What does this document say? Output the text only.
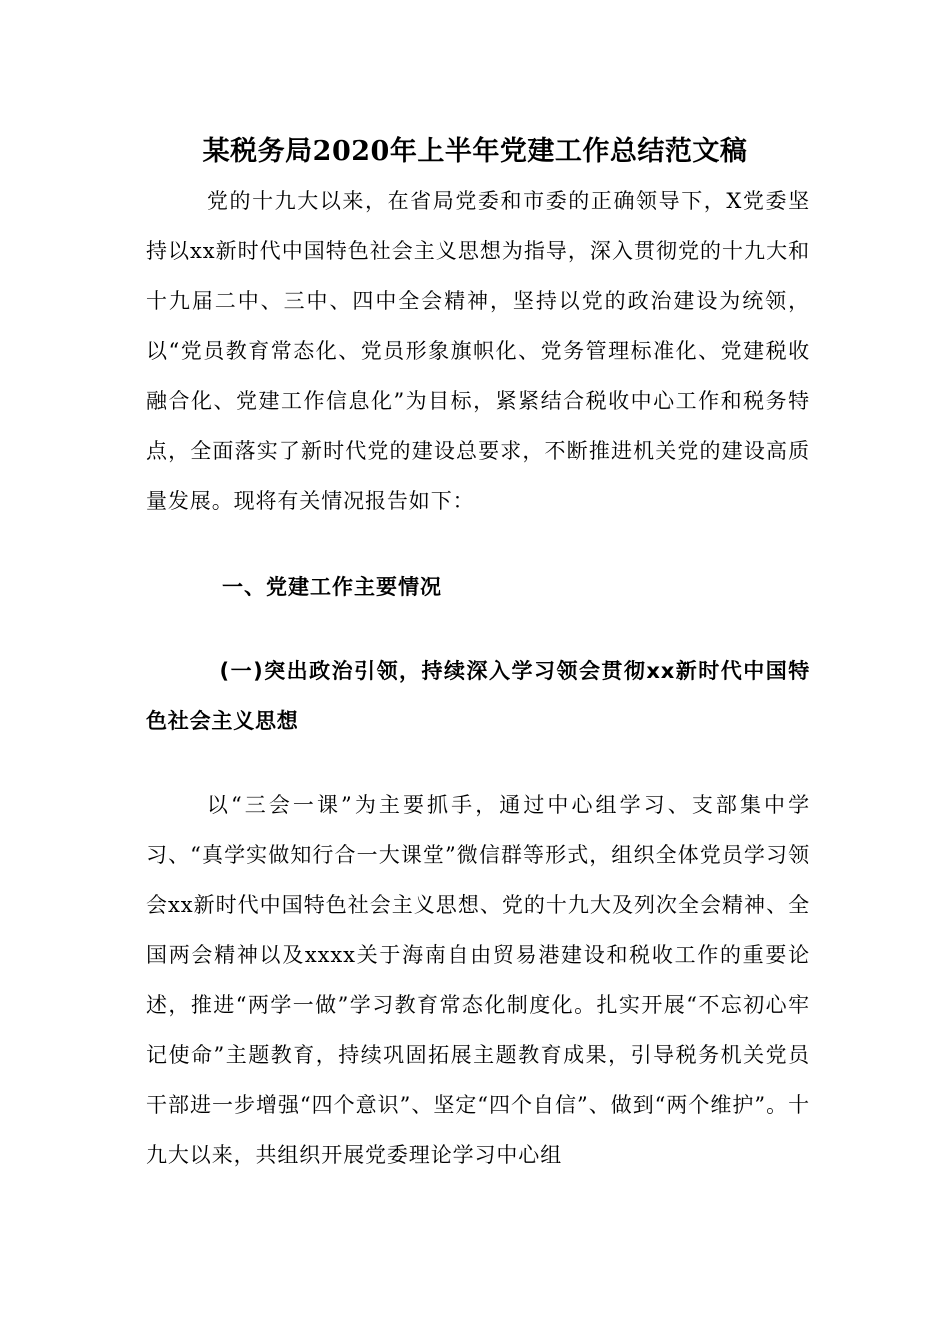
某税务局2020年上半年党建工作总结范文稿

党的十九大以来，在省局党委和市委的正确领导下，X党委坚持以xx新时代中国特色社会主义思想为指导，深入贯彻党的十九大和十九届二中、三中、四中全会精神，坚持以党的政治建设为统领，以“党员教育常态化、党员形象旗帜化、党务管理标准化、党建税收融合化、党建工作信息化”为目标，紧紧结合税收中心工作和税务特点，全面落实了新时代党的建设总要求，不断推进机关党的建设高质量发展。现将有关情况报告如下：

一、党建工作主要情况
(一)突出政治引领，持续深入学习领会贯彻xx新时代中国特色社会主义思想

以“三会一课”为主要抓手，通过中心组学习、支部集中学习、“真学实做知行合一大课堂”微信群等形式，组织全体党员学习领会xx新时代中国特色社会主义思想、党的十九大及列次全会精神、全国两会精神以及xxxx关于海南自由贸易港建设和税收工作的重要论述，推进“两学一做”学习教育常态化制度化。扎实开展“不忘初心牢记使命”主题教育，持续巩固拓展主题教育成果，引导税务机关党员干部进一步增强“四个意识”、坚定“四个自信”、做到“两个维护”。十九大以来，共组织开展党委理论学习中心组
